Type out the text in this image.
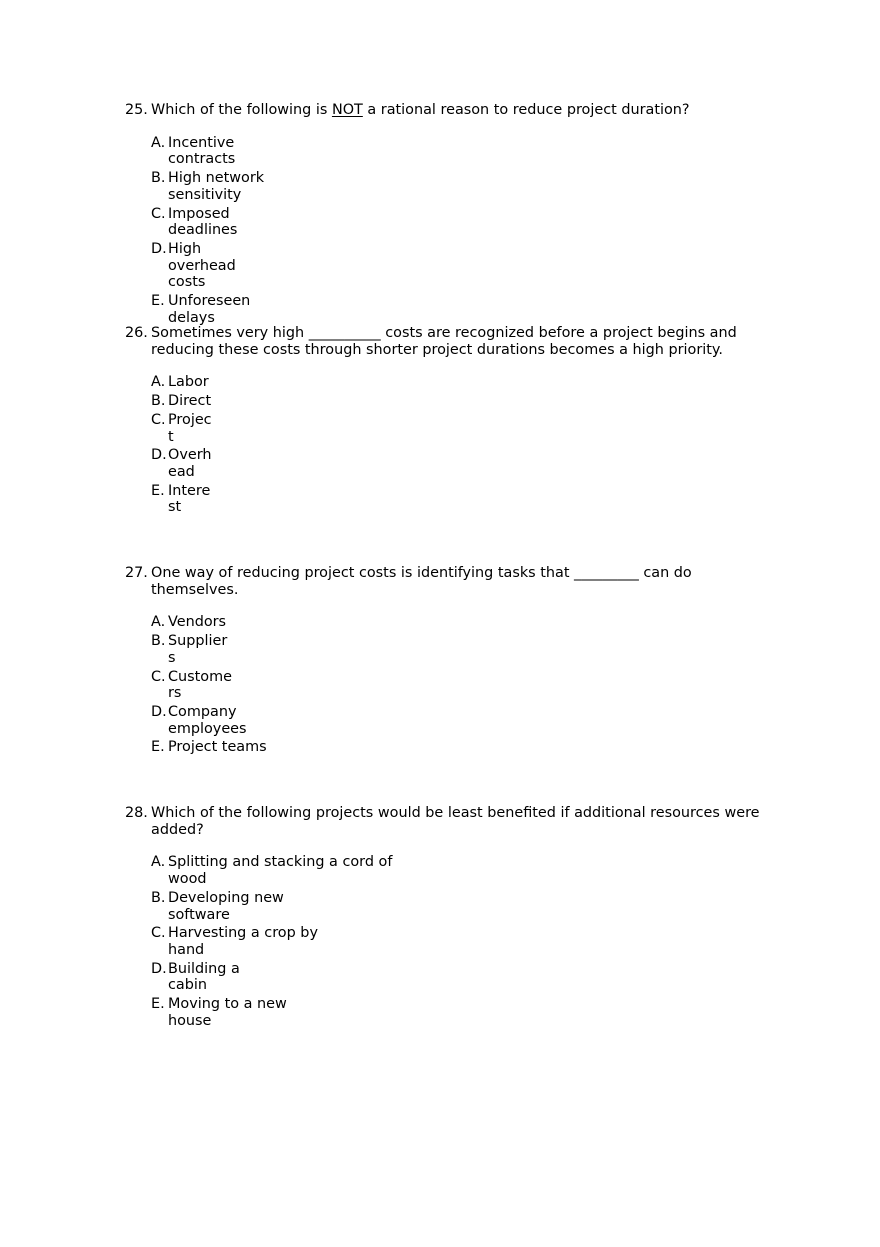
25. Which of the following is NOT a rational reason to reduce project duration?
A. Incentive contracts
B. High network sensitivity
C. Imposed deadlines
D. High overhead costs
E. Unforeseen delays
26. Sometimes very high __________ costs are recognized before a project begins and reducing these costs through shorter project durations becomes a high priority.
A. Labor
B. Direct
C. Project
D. Overhead
E. Interest
27. One way of reducing project costs is identifying tasks that _________ can do themselves.
A. Vendors
B. Suppliers
C. Customers
D. Company employees
E. Project teams
28. Which of the following projects would be least benefited if additional resources were added?
A. Splitting and stacking a cord of wood
B. Developing new software
C. Harvesting a crop by hand
D. Building a cabin
E. Moving to a new house
